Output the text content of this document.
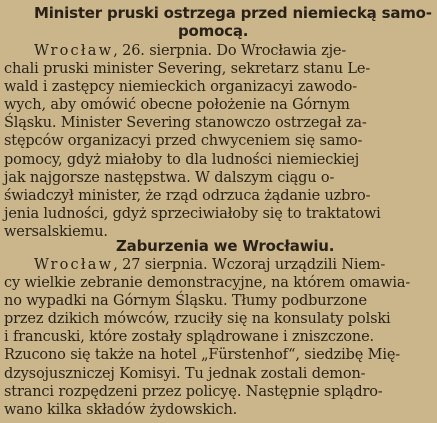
Minister pruski ostrzega przed niemiecką samo-
pomocą.
Wrocław, 26. sierpnia. Do Wrocławia zje-
chali pruski minister Severing, sekretarz stanu Le-
wald i zastępcy niemieckich organizacyi zawodo-
wych, aby omówić obecne położenie na Górnym
Śląsku. Minister Severing stanowczo ostrzegał za-
stępców organizacyi przed chwyceniem się samo-
pomocy, gdyż miałoby to dla ludności niemieckiej
jak najgorsze następstwa. W dalszym ciągu o-
świadczył minister, że rząd odrzuca żądanie uzbro-
jenia ludności, gdyż sprzeciwiałoby się to traktatowi
wersalskiemu.
Zaburzenia we Wrocławiu.
Wrocław, 27 sierpnia. Wczoraj urządzili Niem-
cy wielkie zebranie demonstracyjne, na którem omawia-
no wypadki na Górnym Śląsku. Tłumy podburzone
przez dzikich mówców, rzuciły się na konsulaty polski
i francuski, które zostały splądrowane i zniszczone.
Rzucono się także na hotel „Fürstenhof“, siedzibę Mię-
dzysojuszniczej Komisyi. Tu jednak zostali demon-
stranci rozpędzeni przez policyę. Następnie splądro-
wano kilka składów żydowskich.
